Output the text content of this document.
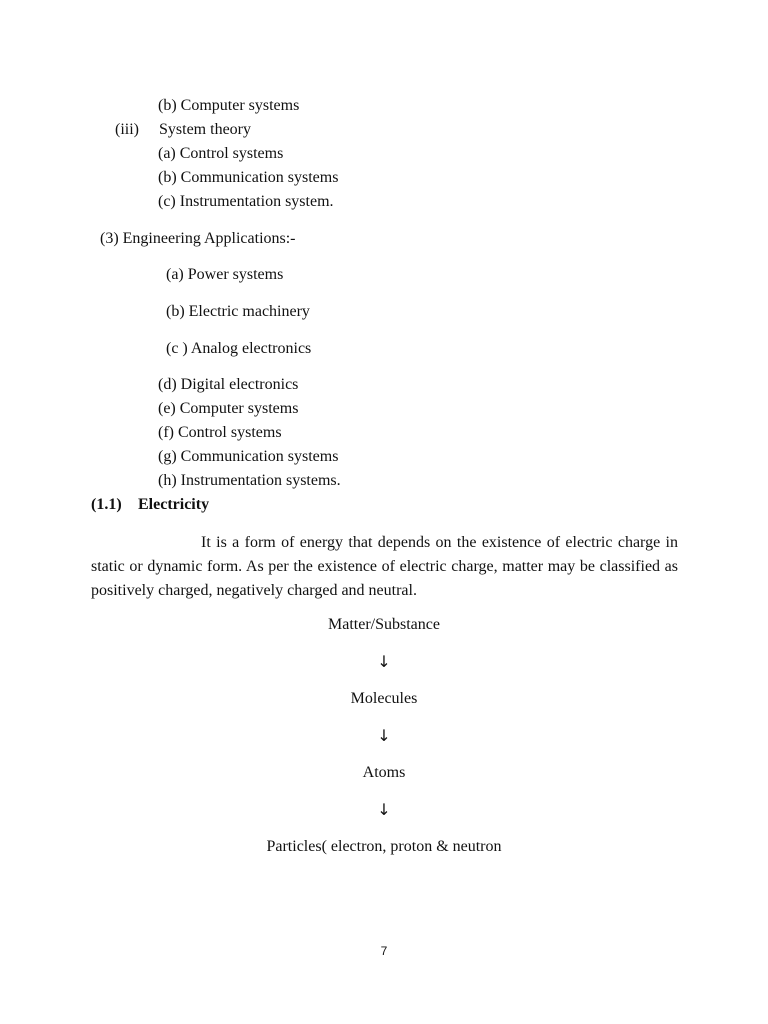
(b) Computer systems
(iii) System theory
(a) Control systems
(b) Communication systems
(c) Instrumentation system.
(3) Engineering Applications:-
(a) Power systems
(b) Electric machinery
(c ) Analog electronics
(d) Digital electronics
(e) Computer systems
(f) Control systems
(g) Communication systems
(h) Instrumentation systems.
(1.1) Electricity
It is a form of energy that depends on the existence of electric charge in static or dynamic form. As per the existence of electric charge, matter may be classified as positively charged, negatively charged and neutral.
Matter/Substance
↓
Molecules
↓
Atoms
↓
Particles( electron, proton & neutron
7
